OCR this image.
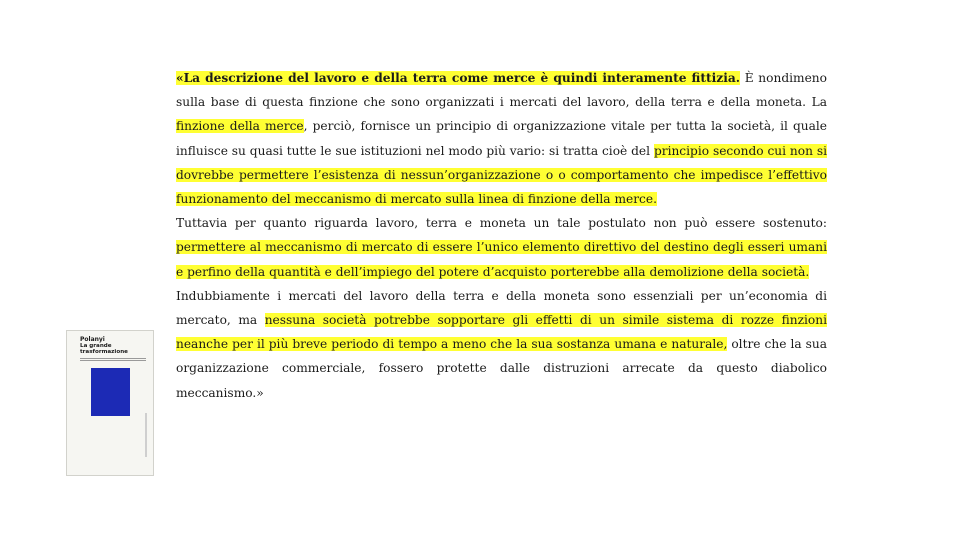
Polanyi
La grande trasformazione

«La descrizione del lavoro e della terra come merce è quindi interamente fittizia. È nondimeno sulla base di questa finzione che sono organizzati i mercati del lavoro, della terra e della moneta. La finzione della merce, perciò, fornisce un principio di organizzazione vitale per tutta la società, il quale influisce su quasi tutte le sue istituzioni nel modo più vario: si tratta cioè del principio secondo cui non si dovrebbe permettere l’esistenza di nessun’organizzazione o o comportamento che impedisce l’effettivo funzionamento del meccanismo di mercato sulla linea di finzione della merce.

Tuttavia per quanto riguarda lavoro, terra e moneta un tale postulato non può essere sostenuto: permettere al meccanismo di mercato di essere l’unico elemento direttivo del destino degli esseri umani e perfino della quantità e dell’impiego del potere d’acquisto porterebbe alla demolizione della società.

Indubbiamente i mercati del lavoro della terra e della moneta sono essenziali per un’economia di mercato, ma nessuna società potrebbe sopportare gli effetti di un simile sistema di rozze finzioni neanche per il più breve periodo di tempo a meno che la sua sostanza umana e naturale, oltre che la sua organizzazione commerciale, fossero protette dalle distruzioni arrecate da questo diabolico meccanismo.»
